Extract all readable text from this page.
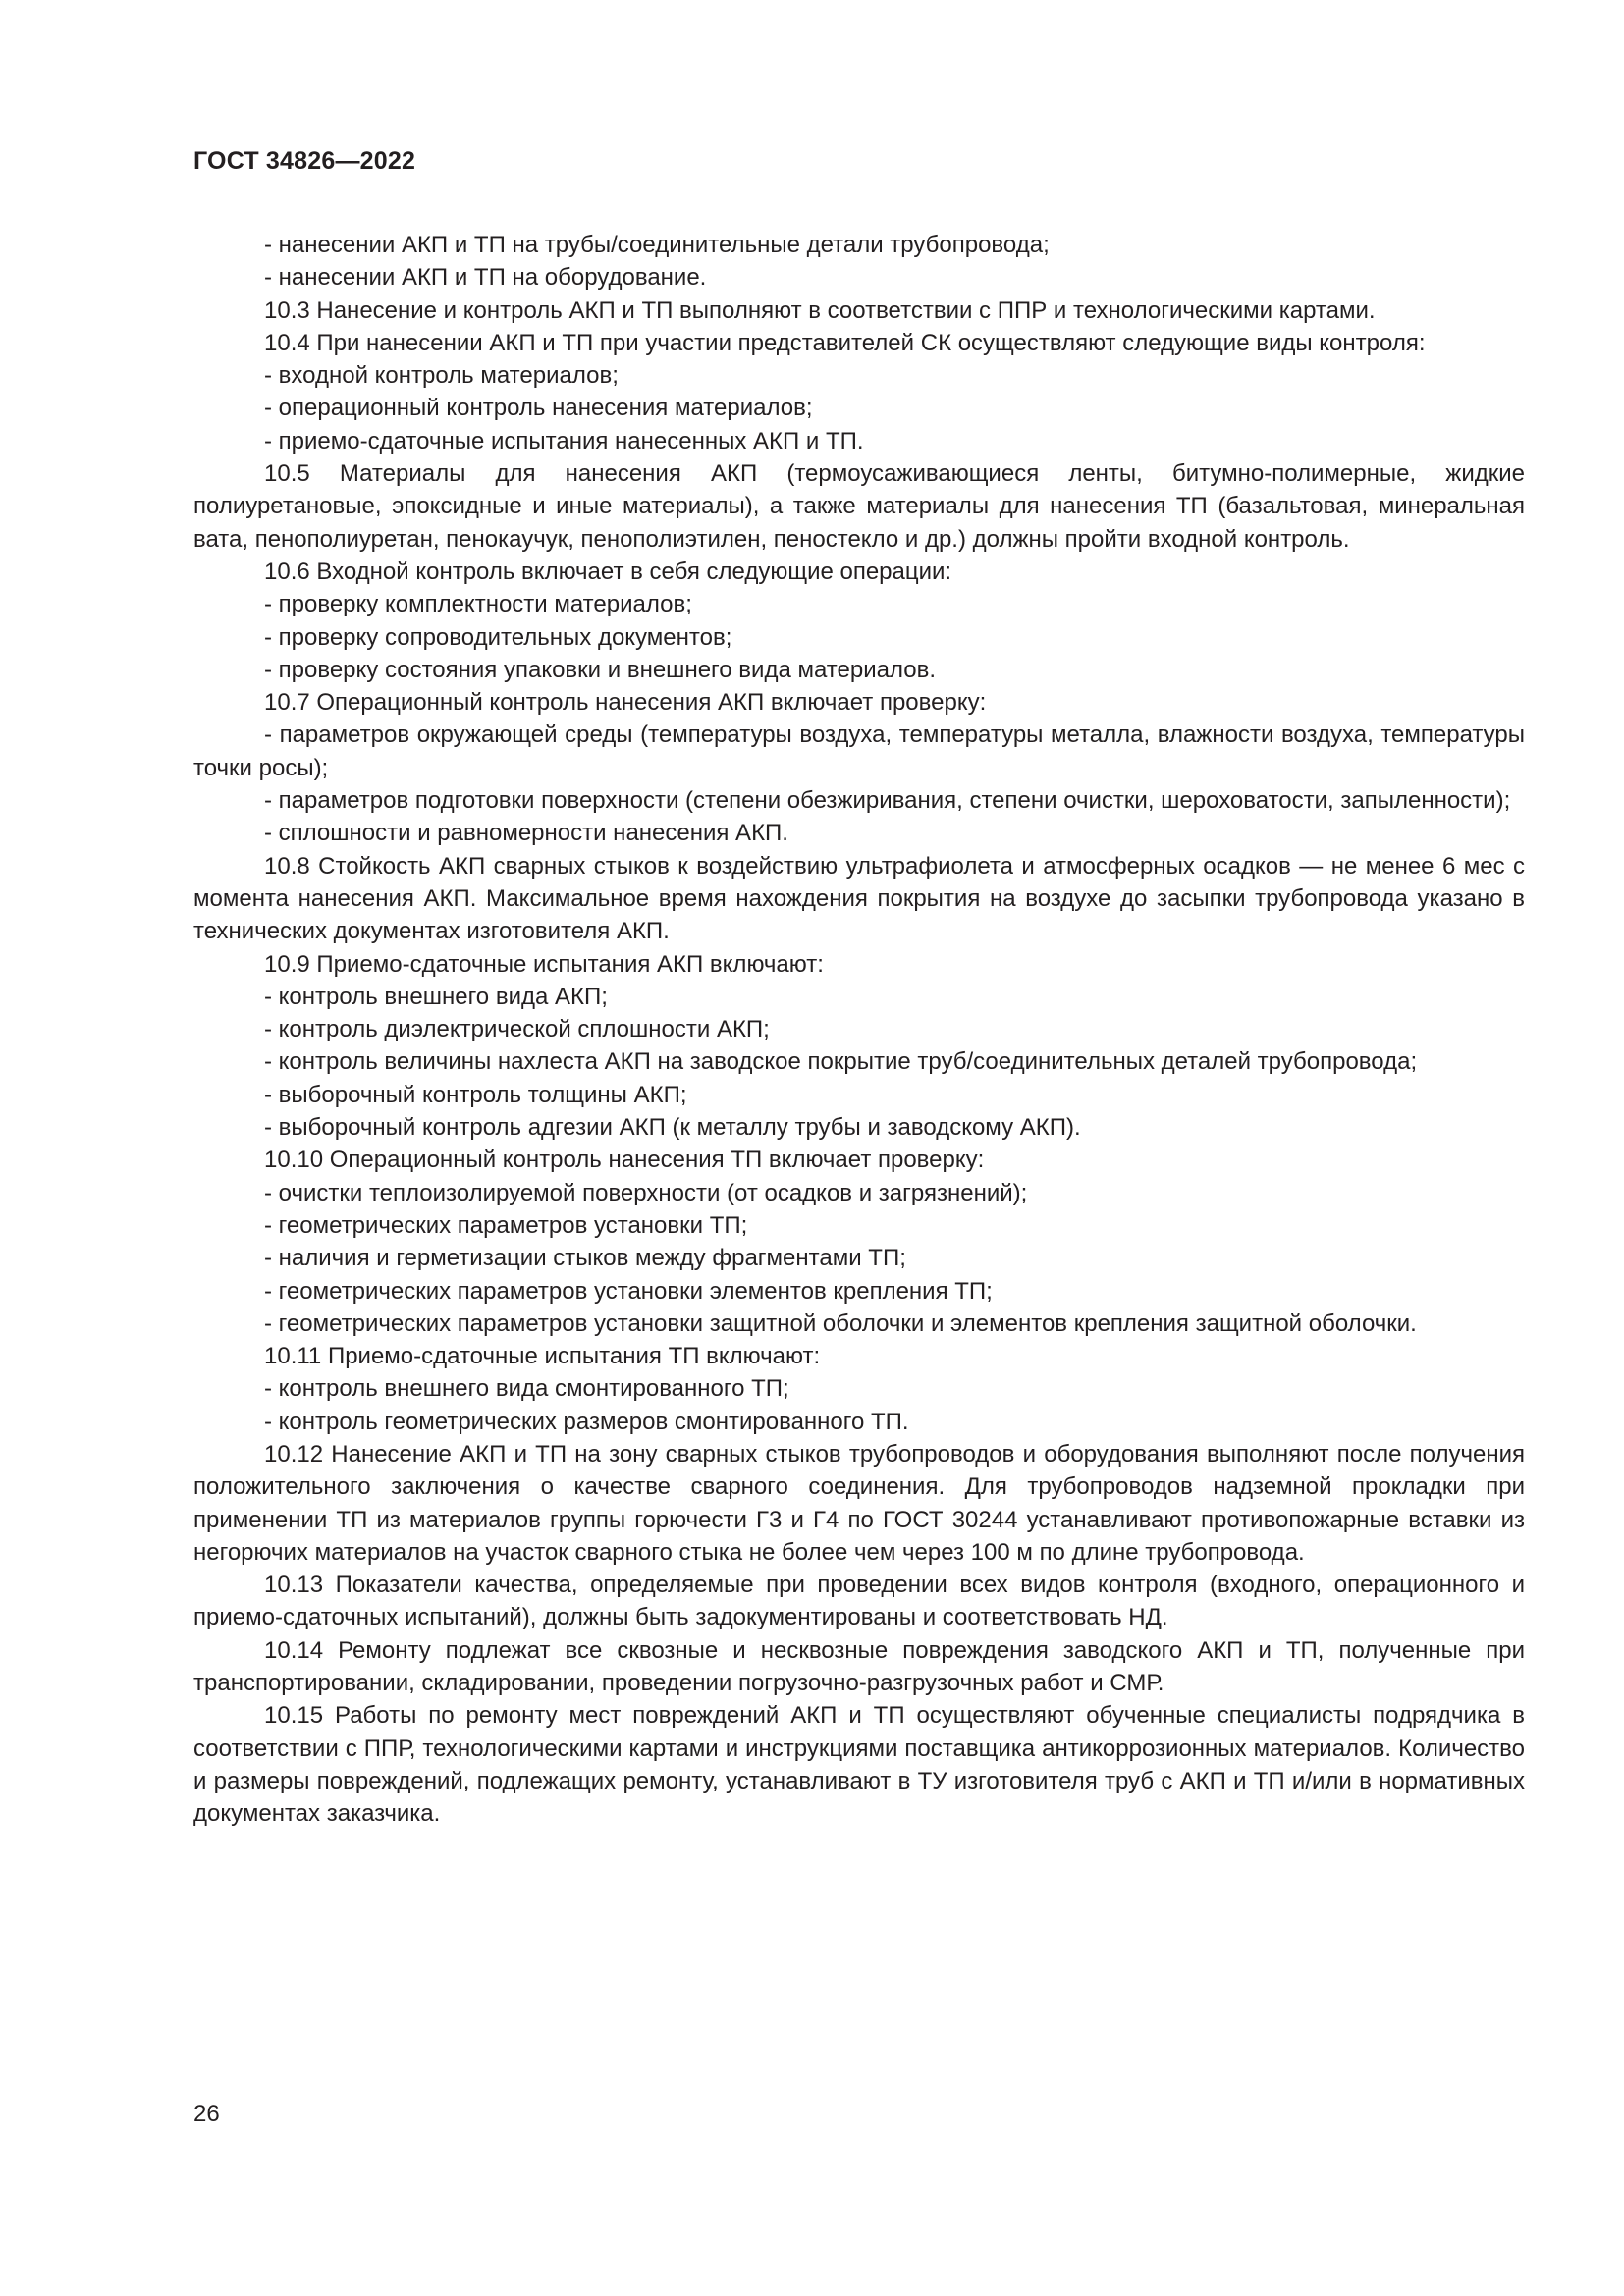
ГОСТ 34826—2022

- нанесении АКП и ТП на трубы/соединительные детали трубопровода;

- нанесении АКП и ТП на оборудование.

10.3 Нанесение и контроль АКП и ТП выполняют в соответствии с ППР и технологическими картами.

10.4 При нанесении АКП и ТП при участии представителей СК осуществляют следующие виды контроля:

- входной контроль материалов;

- операционный контроль нанесения материалов;

- приемо-сдаточные испытания нанесенных АКП и ТП.

10.5 Материалы для нанесения АКП (термоусаживающиеся ленты, битумно-полимерные, жидкие полиуретановые, эпоксидные и иные материалы), а также материалы для нанесения ТП (базальтовая, минеральная вата, пенополиуретан, пенокаучук, пенополиэтилен, пеностекло и др.) должны пройти входной контроль.

10.6 Входной контроль включает в себя следующие операции:

- проверку комплектности материалов;

- проверку сопроводительных документов;

- проверку состояния упаковки и внешнего вида материалов.

10.7 Операционный контроль нанесения АКП включает проверку:

- параметров окружающей среды (температуры воздуха, температуры металла, влажности воздуха, температуры точки росы);

- параметров подготовки поверхности (степени обезжиривания, степени очистки, шероховатости, запыленности);

- сплошности и равномерности нанесения АКП.

10.8 Стойкость АКП сварных стыков к воздействию ультрафиолета и атмосферных осадков — не менее 6 мес с момента нанесения АКП. Максимальное время нахождения покрытия на воздухе до засыпки трубопровода указано в технических документах изготовителя АКП.

10.9 Приемо-сдаточные испытания АКП включают:

- контроль внешнего вида АКП;

- контроль диэлектрической сплошности АКП;

- контроль величины нахлеста АКП на заводское покрытие труб/соединительных деталей трубопровода;

- выборочный контроль толщины АКП;

- выборочный контроль адгезии АКП (к металлу трубы и заводскому АКП).

10.10 Операционный контроль нанесения ТП включает проверку:

- очистки теплоизолируемой поверхности (от осадков и загрязнений);

- геометрических параметров установки ТП;

- наличия и герметизации стыков между фрагментами ТП;

- геометрических параметров установки элементов крепления ТП;

- геометрических параметров установки защитной оболочки и элементов крепления защитной оболочки.

10.11 Приемо-сдаточные испытания ТП включают:

- контроль внешнего вида смонтированного ТП;

- контроль геометрических размеров смонтированного ТП.

10.12 Нанесение АКП и ТП на зону сварных стыков трубопроводов и оборудования выполняют после получения положительного заключения о качестве сварного соединения. Для трубопроводов надземной прокладки при применении ТП из материалов группы горючести Г3 и Г4 по ГОСТ 30244 устанавливают противопожарные вставки из негорючих материалов на участок сварного стыка не более чем через 100 м по длине трубопровода.

10.13 Показатели качества, определяемые при проведении всех видов контроля (входного, операционного и приемо-сдаточных испытаний), должны быть задокументированы и соответствовать НД.

10.14 Ремонту подлежат все сквозные и несквозные повреждения заводского АКП и ТП, полученные при транспортировании, складировании, проведении погрузочно-разгрузочных работ и СМР.

10.15 Работы по ремонту мест повреждений АКП и ТП осуществляют обученные специалисты подрядчика в соответствии с ППР, технологическими картами и инструкциями поставщика антикоррозионных материалов. Количество и размеры повреждений, подлежащих ремонту, устанавливают в ТУ изготовителя труб с АКП и ТП и/или в нормативных документах заказчика.

26
